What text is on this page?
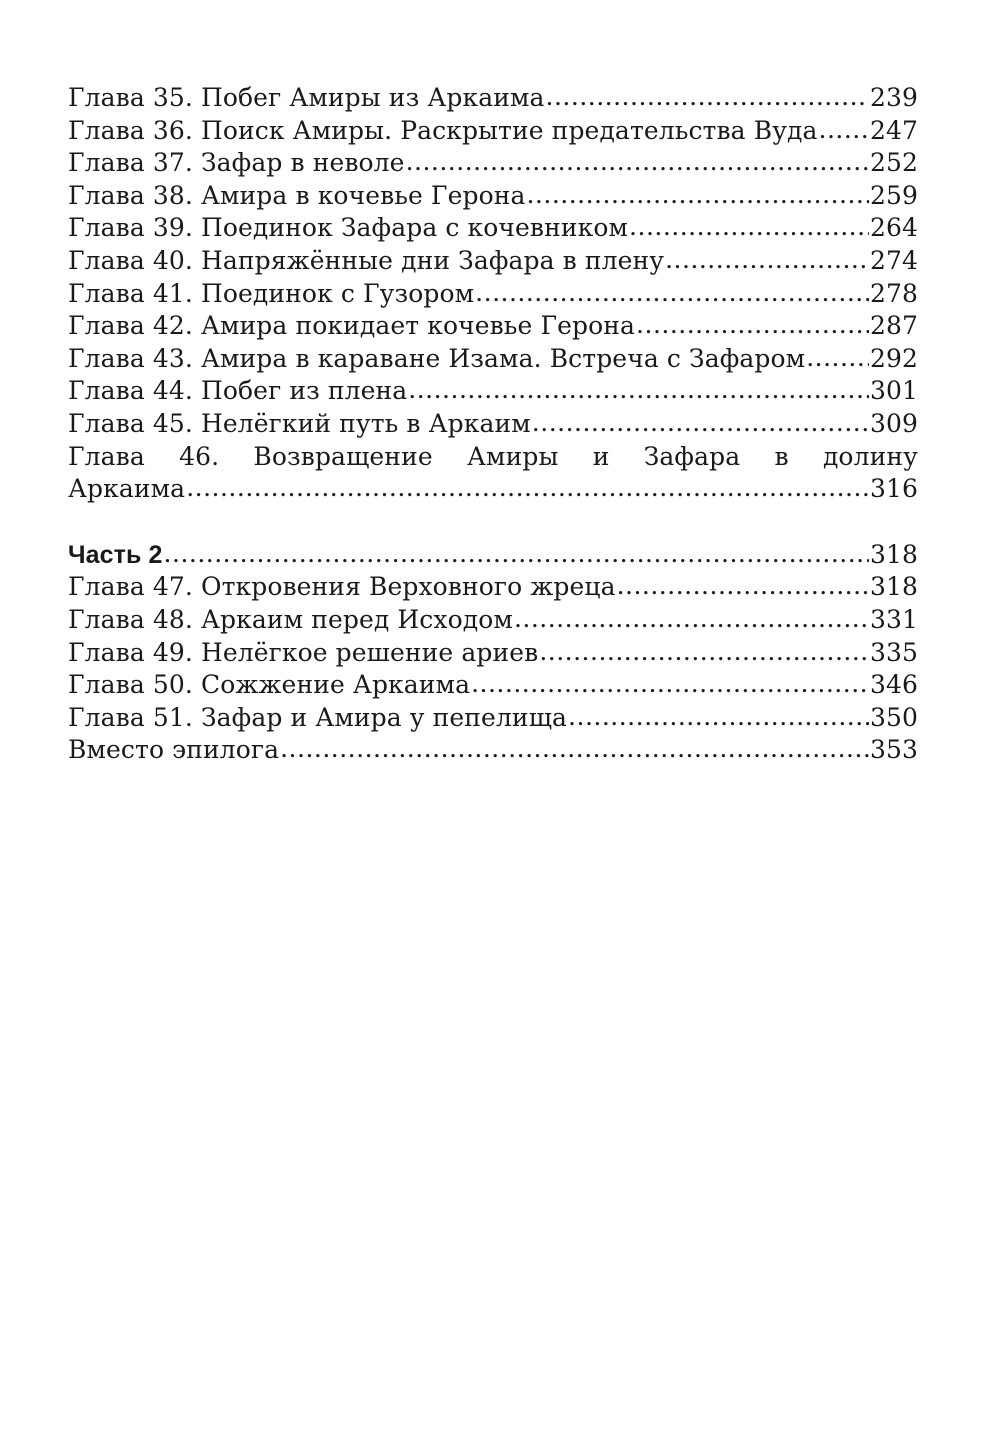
Глава 35. Побег Амиры из Аркаима .....	239
Глава 36. Поиск Амиры. Раскрытие предательства Вуда ..... 247
Глава 37. Зафар в неволе .....	252
Глава 38. Амира в кочевье Герона .....	259
Глава 39. Поединок Зафара с кочевником .....	264
Глава 40. Напряжённые дни Зафара в плену .....	274
Глава 41. Поединок с Гузором .....	278
Глава 42. Амира покидает кочевье Герона .....	287
Глава 43. Амира в караване Изама. Встреча с Зафаром .....	292
Глава 44. Побег из плена .....	301
Глава 45. Нелёгкий путь в Аркаим .....	309
Глава 46. Возвращение Амиры и Зафара в долину
Аркаима .....	316
Часть 2 .....	318
Глава 47. Откровения Верховного жреца .....	318
Глава 48. Аркаим перед Исходом .....	331
Глава 49. Нелёгкое решение ариев .....	335
Глава 50. Сожжение Аркаима .....	346
Глава 51. Зафар и Амира у пепелища .....	350
Вместо эпилога .....	353
